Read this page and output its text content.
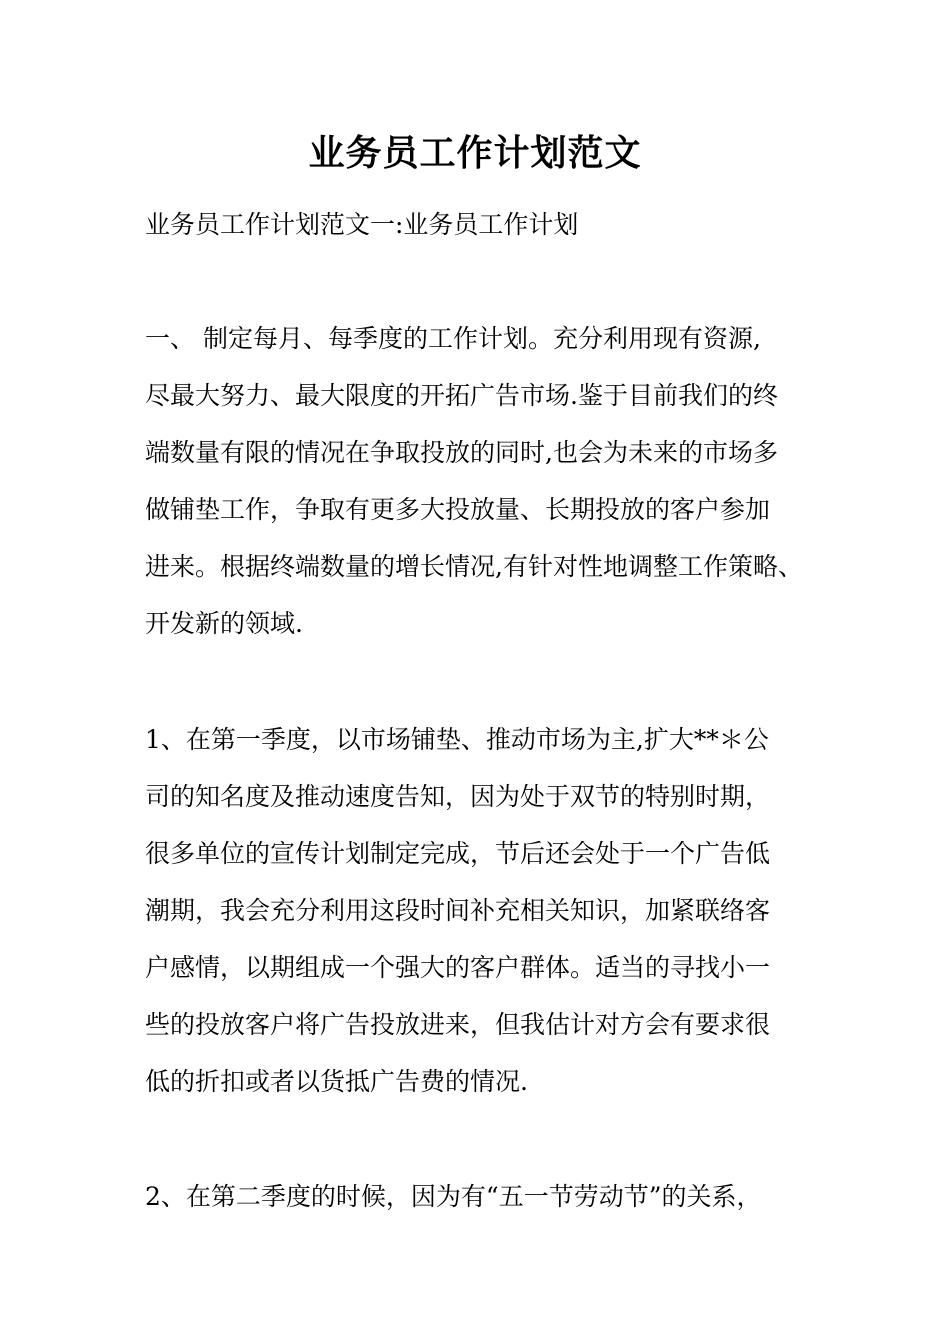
业务员工作计划范文
业务员工作计划范文一:业务员工作计划
一、 制定每月、每季度的工作计划。充分利用现有资源,
尽最大努力、最大限度的开拓广告市场.鉴于目前我们的终
端数量有限的情况在争取投放的同时,也会为未来的市场多
做铺垫工作，争取有更多大投放量、长期投放的客户参加
进来。根据终端数量的增长情况,有针对性地调整工作策略、
开发新的领域.
1、在第一季度，以市场铺垫、推动市场为主,扩大**＊公
司的知名度及推动速度告知，因为处于双节的特别时期，
很多单位的宣传计划制定完成，节后还会处于一个广告低
潮期，我会充分利用这段时间补充相关知识，加紧联络客
户感情，以期组成一个强大的客户群体。适当的寻找小一
些的投放客户将广告投放进来，但我估计对方会有要求很
低的折扣或者以货抵广告费的情况.
2、在第二季度的时候，因为有“五一节劳动节”的关系，
